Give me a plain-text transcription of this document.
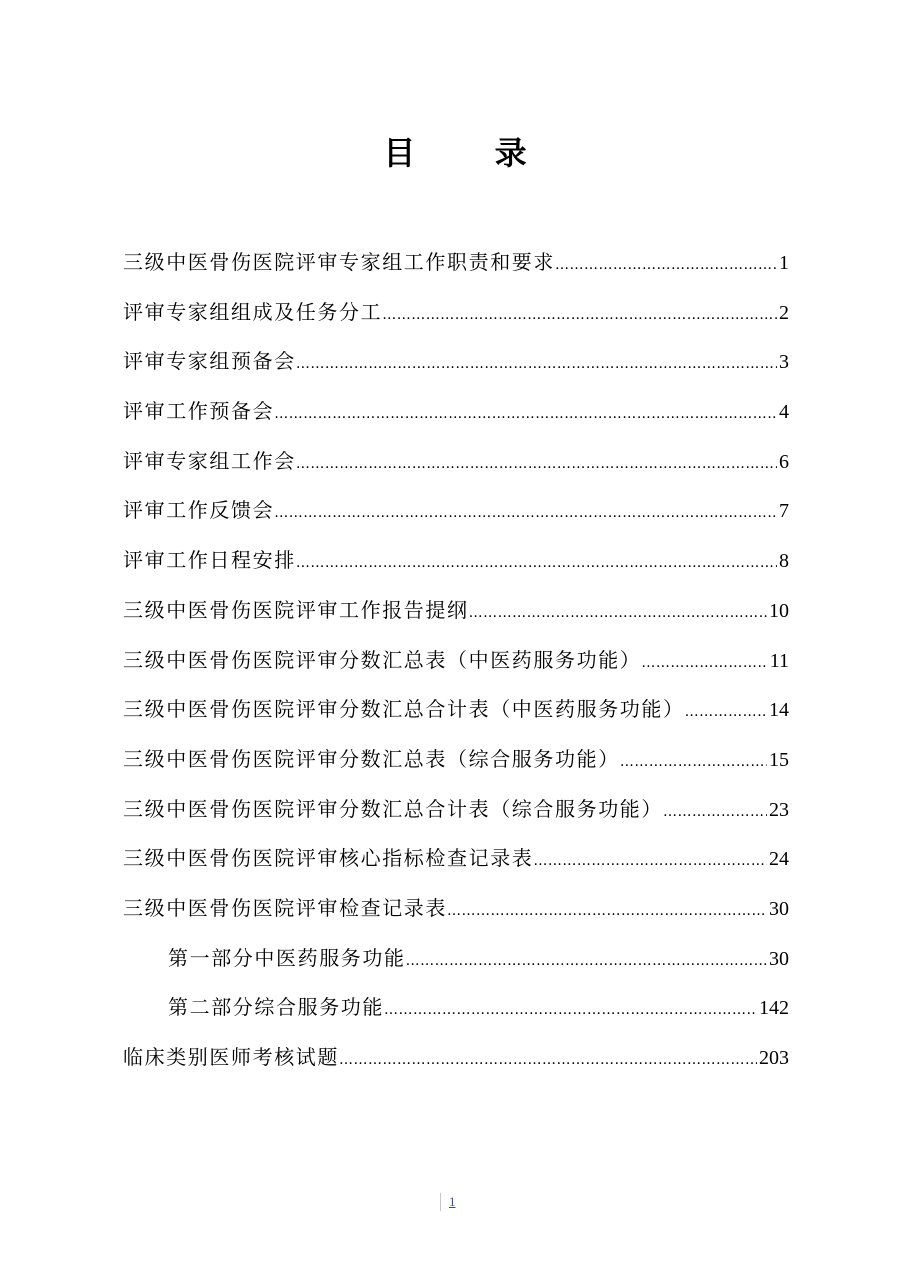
目 录
三级中医骨伤医院评审专家组工作职责和要求 …………………………………………………………………………………………………………………………………………	1
评审专家组组成及任务分工 …………………………………………………………………………………………………………………………………………	2
评审专家组预备会 …………………………………………………………………………………………………………………………………………	3
评审工作预备会 …………………………………………………………………………………………………………………………………………	4
评审专家组工作会 …………………………………………………………………………………………………………………………………………	6
评审工作反馈会 …………………………………………………………………………………………………………………………………………	7
评审工作日程安排 …………………………………………………………………………………………………………………………………………	8
三级中医骨伤医院评审工作报告提纲 …………………………………………………………………………………………………………………………………………	10
三级中医骨伤医院评审分数汇总表（中医药服务功能） …………………………………………………………………………………………………………………………………………	11
三级中医骨伤医院评审分数汇总合计表（中医药服务功能） …………………………………………………………………………………………………………………………………………	14
三级中医骨伤医院评审分数汇总表（综合服务功能） …………………………………………………………………………………………………………………………………………	15
三级中医骨伤医院评审分数汇总合计表（综合服务功能） …………………………………………………………………………………………………………………………………………	23
三级中医骨伤医院评审核心指标检查记录表 …………………………………………………………………………………………………………………………………………	24
三级中医骨伤医院评审检查记录表 …………………………………………………………………………………………………………………………………………	30
第一部分中医药服务功能 …………………………………………………………………………………………………………………………………………	30
第二部分综合服务功能 …………………………………………………………………………………………………………………………………………	142
临床类别医师考核试题 …………………………………………………………………………………………………………………………………………	203
1
